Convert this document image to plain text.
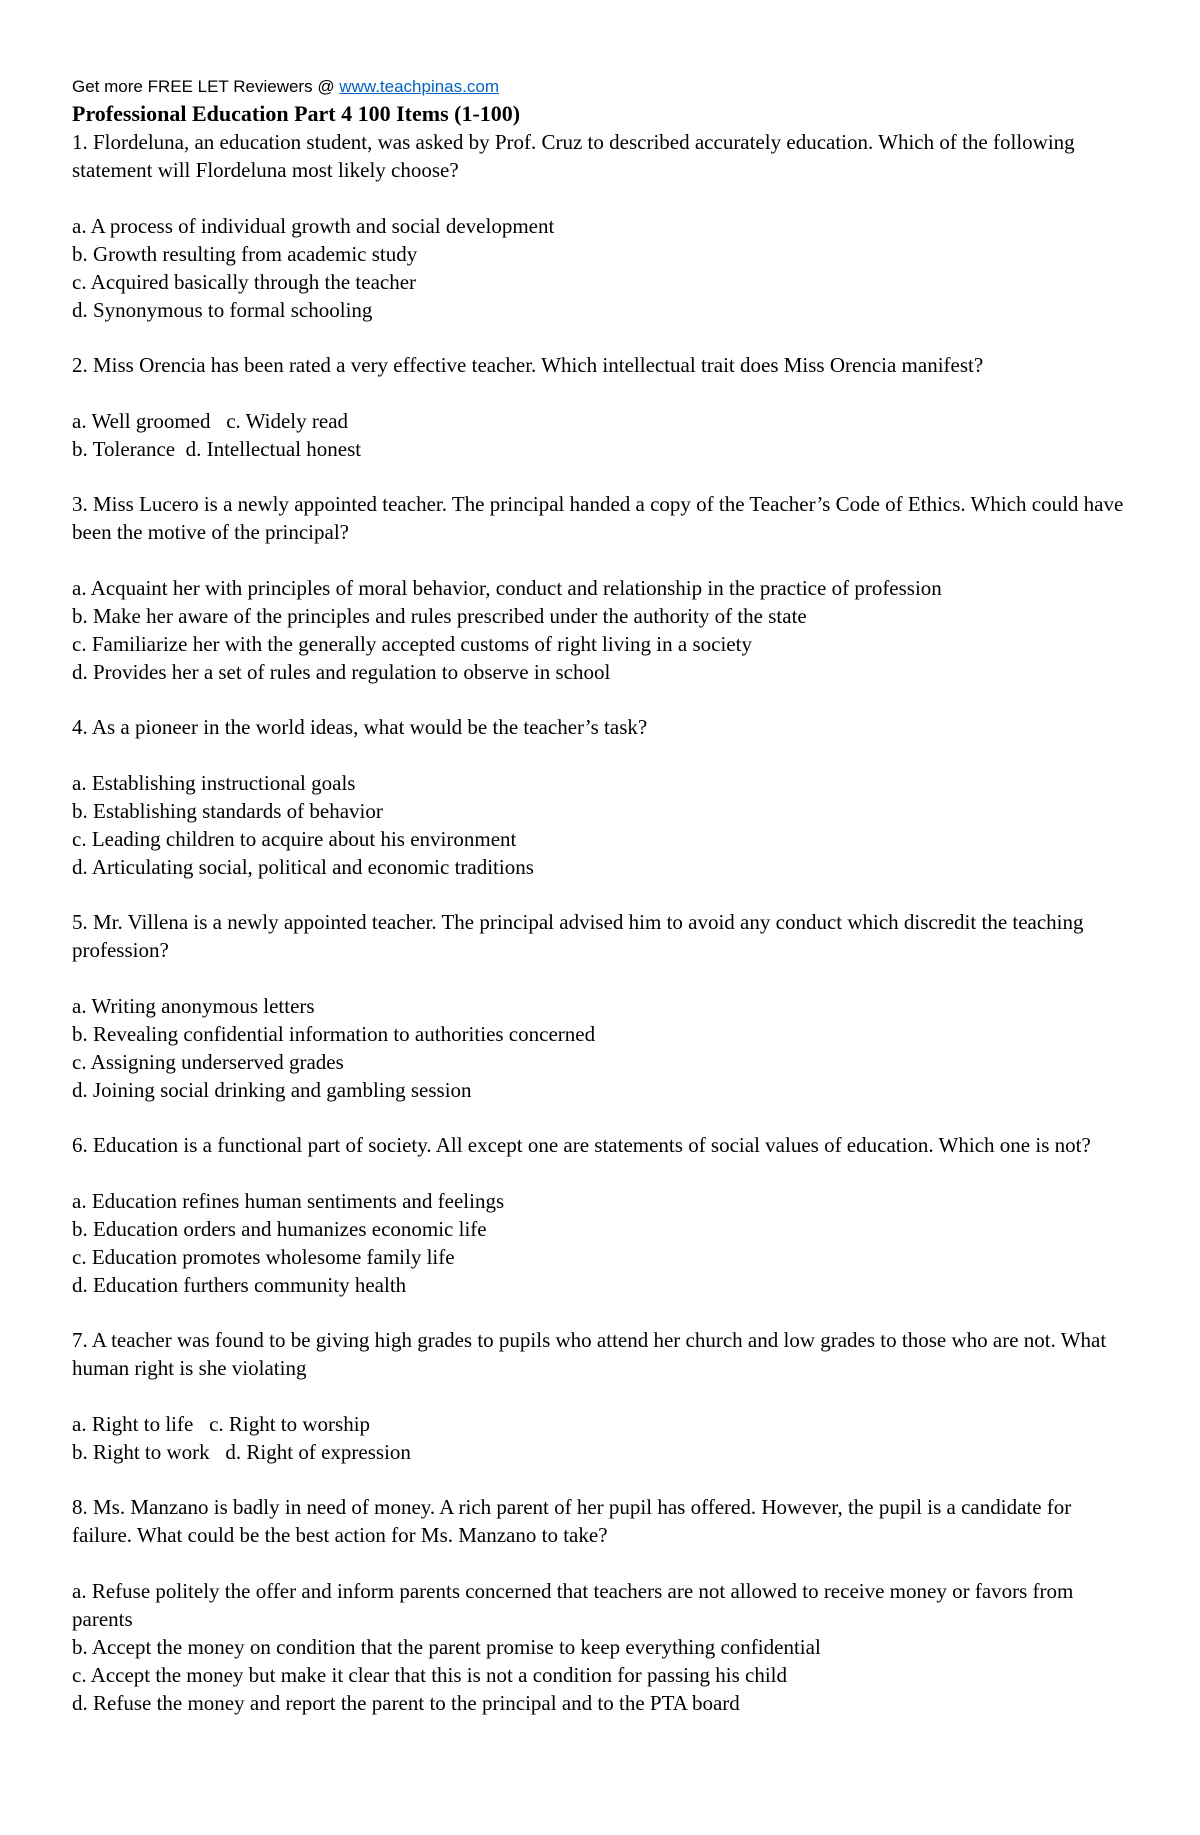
Get more FREE LET Reviewers @ www.teachpinas.com

Professional Education Part 4 100 Items (1-100)

1. Flordeluna, an education student, was asked by Prof. Cruz to described accurately education. Which of the following statement will Flordeluna most likely choose?

a. A process of individual growth and social development

b. Growth resulting from academic study

c. Acquired basically through the teacher

d. Synonymous to formal schooling

2. Miss Orencia has been rated a very effective teacher. Which intellectual trait does Miss Orencia manifest?

a. Well groomed   c. Widely read

b. Tolerance  d. Intellectual honest

3. Miss Lucero is a newly appointed teacher. The principal handed a copy of the Teacher’s Code of Ethics. Which could have been the motive of the principal?

a. Acquaint her with principles of moral behavior, conduct and relationship in the practice of profession

b. Make her aware of the principles and rules prescribed under the authority of the state

c. Familiarize her with the generally accepted customs of right living in a society

d. Provides her a set of rules and regulation to observe in school

4. As a pioneer in the world ideas, what would be the teacher’s task?

a. Establishing instructional goals

b. Establishing standards of behavior

c. Leading children to acquire about his environment

d. Articulating social, political and economic traditions

5. Mr. Villena is a newly appointed teacher. The principal advised him to avoid any conduct which discredit the teaching profession?

a. Writing anonymous letters

b. Revealing confidential information to authorities concerned

c. Assigning underserved grades

d. Joining social drinking and gambling session

6. Education is a functional part of society. All except one are statements of social values of education. Which one is not?

a. Education refines human sentiments and feelings

b. Education orders and humanizes economic life

c. Education promotes wholesome family life

d. Education furthers community health

7. A teacher was found to be giving high grades to pupils who attend her church and low grades to those who are not. What human right is she violating

a. Right to life   c. Right to worship

b. Right to work   d. Right of expression

8. Ms. Manzano is badly in need of money. A rich parent of her pupil has offered. However, the pupil is a candidate for failure. What could be the best action for Ms. Manzano to take?

a. Refuse politely the offer and inform parents concerned that teachers are not allowed to receive money or favors from parents

b. Accept the money on condition that the parent promise to keep everything confidential

c. Accept the money but make it clear that this is not a condition for passing his child

d. Refuse the money and report the parent to the principal and to the PTA board
